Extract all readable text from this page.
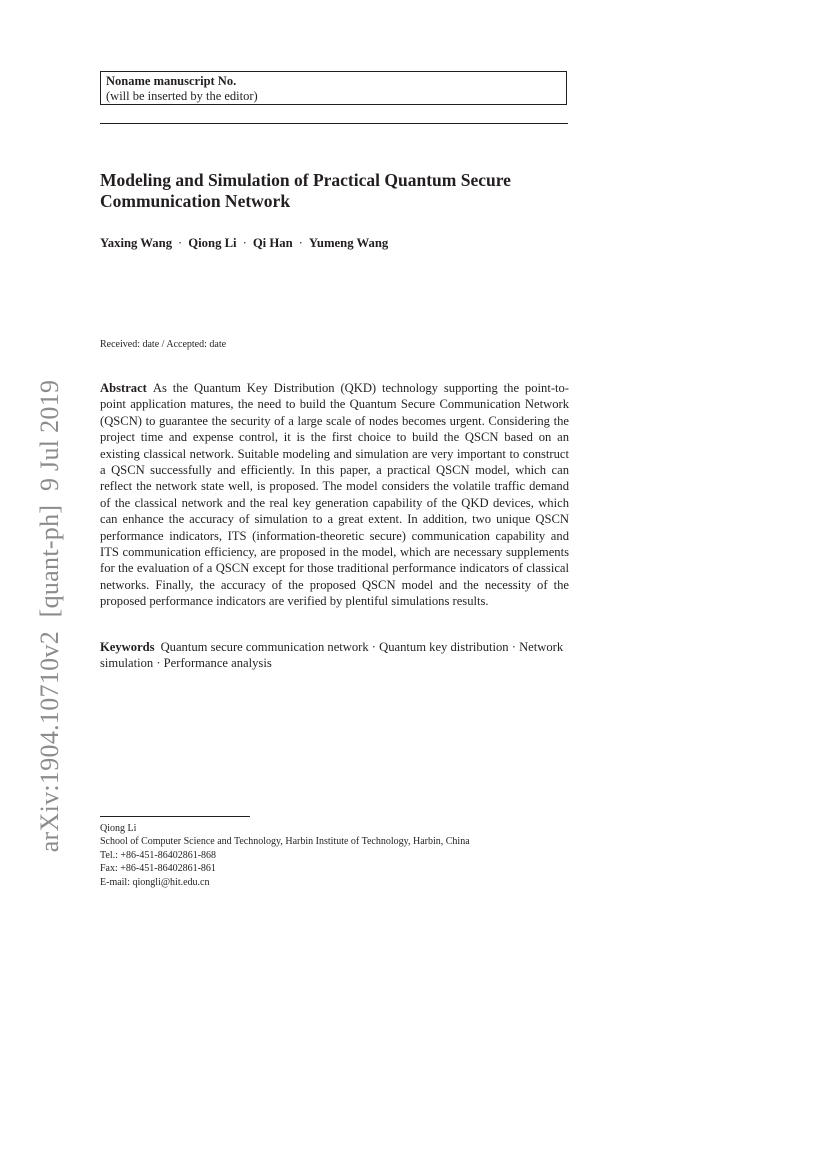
Noname manuscript No.
(will be inserted by the editor)
Modeling and Simulation of Practical Quantum Secure Communication Network
Yaxing Wang · Qiong Li · Qi Han · Yumeng Wang
Received: date / Accepted: date
Abstract As the Quantum Key Distribution (QKD) technology supporting the point-to-point application matures, the need to build the Quantum Secure Communication Network (QSCN) to guarantee the security of a large scale of nodes becomes urgent. Considering the project time and expense control, it is the first choice to build the QSCN based on an existing classical network. Suitable modeling and simulation are very important to construct a QSCN successfully and efficiently. In this paper, a practical QSCN model, which can reflect the network state well, is proposed. The model considers the volatile traffic demand of the classical network and the real key generation capability of the QKD devices, which can enhance the accuracy of simulation to a great extent. In addition, two unique QSCN performance indicators, ITS (information-theoretic secure) communication capability and ITS communication efficiency, are proposed in the model, which are necessary supplements for the evaluation of a QSCN except for those traditional performance indicators of classical networks. Finally, the accuracy of the proposed QSCN model and the necessity of the proposed performance indicators are verified by plentiful simulations results.
Keywords Quantum secure communication network · Quantum key distribution · Network simulation · Performance analysis
Qiong Li
School of Computer Science and Technology, Harbin Institute of Technology, Harbin, China
Tel.: +86-451-86402861-868
Fax: +86-451-86402861-861
E-mail: qiongli@hit.edu.cn
arXiv:1904.10710v2  [quant-ph]  9 Jul 2019
